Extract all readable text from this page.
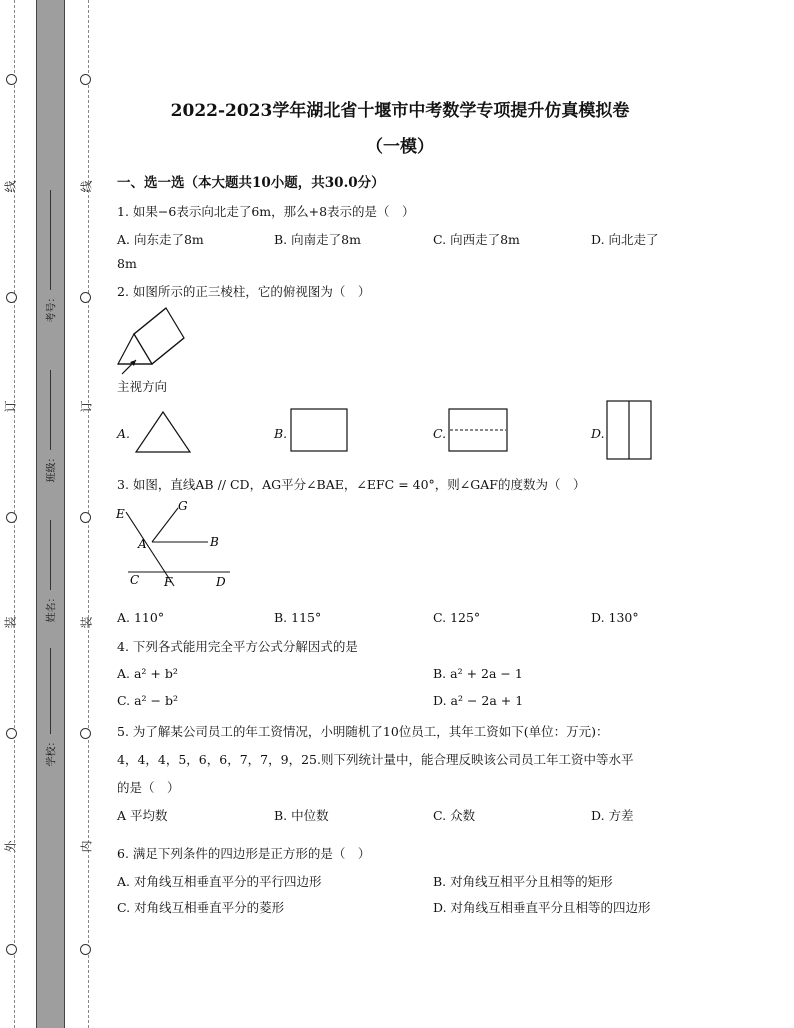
线
订
装
外
线
订
装
内
考号：
班级：
姓名：
学校：
2022-2023学年湖北省十堰市中考数学专项提升仿真模拟卷
（一模）
一、选一选（本大题共10小题，共30.0分）
1. 如果−6表示向北走了6m，那么+8表示的是（　）
A. 向东走了8m	B. 向南走了8m	C. 向西走了8m	D. 向北走了
8m
2. 如图所示的正三棱柱，它的俯视图为（　）
主视方向
A.	B.	C.	D.
3. 如图，直线AB // CD，AG平分∠BAE，∠EFC = 40°，则∠GAF的度数为（　）
E
G
A	B
C F	D
A. 110°	B. 115°	C. 125°	D. 130°
4. 下列各式能用完全平方公式分解因式的是
A. a² + b²	B. a² + 2a − 1
C. a² − b²	D. a² − 2a + 1
5. 为了解某公司员工的年工资情况，小明随机了10位员工，其年工资如下(单位：万元)：
4，4，4，5，6，6，7，7，9，25.则下列统计量中，能合理反映该公司员工年工资中等水平
的是（　）
A 平均数	B. 中位数	C. 众数	D. 方差
6. 满足下列条件的四边形是正方形的是（　）
A. 对角线互相垂直平分的平行四边形	B. 对角线互相平分且相等的矩形
C. 对角线互相垂直平分的菱形	D. 对角线互相垂直平分且相等的四边形
